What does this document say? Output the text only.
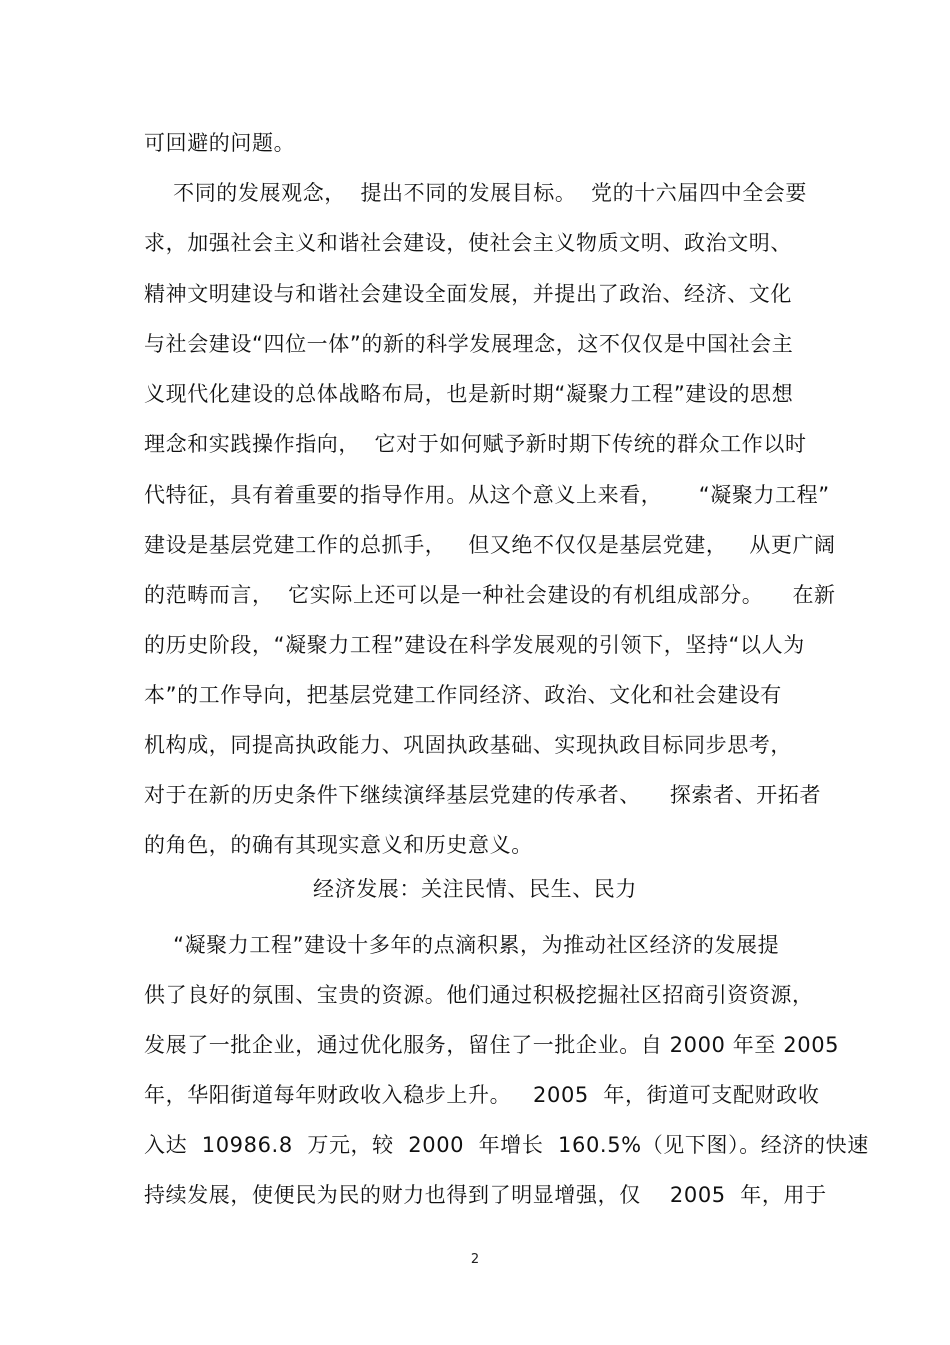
可回避的问题。
不同的发展观念，  提出不同的发展目标。  党的十六届四中全会要
求，加强社会主义和谐社会建设，使社会主义物质文明、政治文明、
精神文明建设与和谐社会建设全面发展，并提出了政治、经济、文化
与社会建设“四位一体”的新的科学发展理念，这不仅仅是中国社会主
义现代化建设的总体战略布局，也是新时期“凝聚力工程”建设的思想
理念和实践操作指向，  它对于如何赋予新时期下传统的群众工作以时
代特征，具有着重要的指导作用。从这个意义上来看，     “凝聚力工程”
建设是基层党建工作的总抓手，   但又绝不仅仅是基层党建，   从更广阔
的范畴而言，  它实际上还可以是一种社会建设的有机组成部分。    在新
的历史阶段，“凝聚力工程”建设在科学发展观的引领下，坚持“以人为
本”的工作导向，把基层党建工作同经济、政治、文化和社会建设有
机构成，同提高执政能力、巩固执政基础、实现执政目标同步思考，
对于在新的历史条件下继续演绎基层党建的传承者、    探索者、开拓者
的角色，的确有其现实意义和历史意义。
经济发展：关注民情、民生、民力
“凝聚力工程”建设十多年的点滴积累，为推动社区经济的发展提
供了良好的氛围、宝贵的资源。他们通过积极挖掘社区招商引资资源，
发展了一批企业，通过优化服务，留住了一批企业。自 2000 年至 2005
年，华阳街道每年财政收入稳步上升。   2005  年，街道可支配财政收
入达  10986.8  万元，较  2000  年增长  160.5%（见下图）。经济的快速
持续发展，使便民为民的财力也得到了明显增强，仅    2005  年，用于
2
